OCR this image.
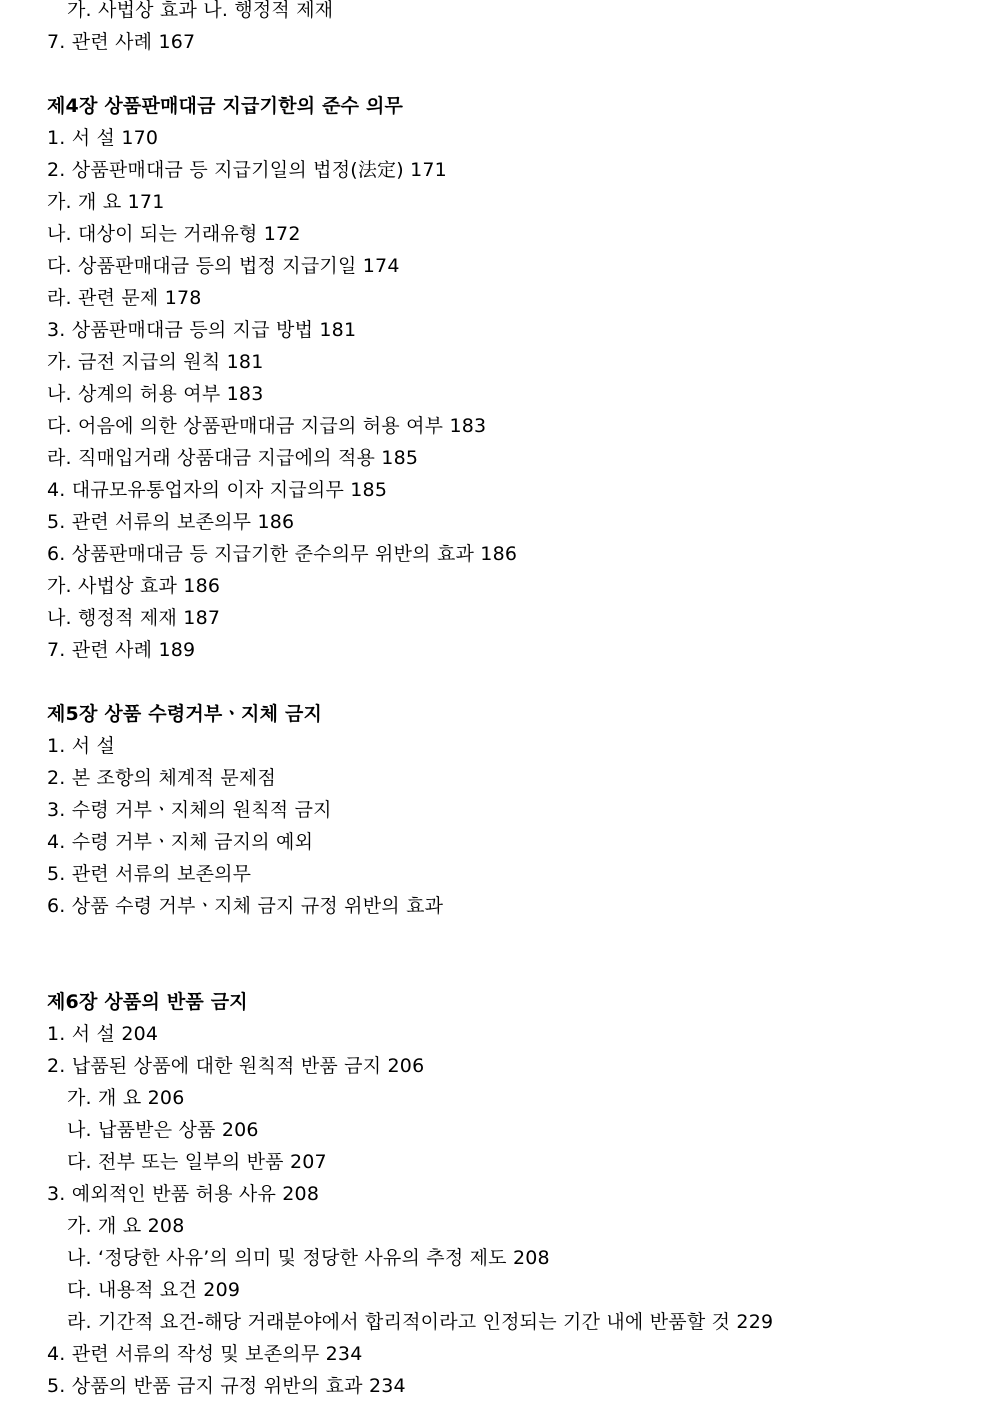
가. 사법상 효과 나. 행정적 제재
7. 관련 사례 167
제4장 상품판매대금 지급기한의 준수 의무
1. 서 설 170
2. 상품판매대금 등 지급기일의 법정(法定) 171
가. 개 요 171
나. 대상이 되는 거래유형 172
다. 상품판매대금 등의 법정 지급기일 174
라. 관련 문제 178
3. 상품판매대금 등의 지급 방법 181
가. 금전 지급의 원칙 181
나. 상계의 허용 여부 183
다. 어음에 의한 상품판매대금 지급의 허용 여부 183
라. 직매입거래 상품대금 지급에의 적용 185
4. 대규모유통업자의 이자 지급의무 185
5. 관련 서류의 보존의무 186
6. 상품판매대금 등 지급기한 준수의무 위반의 효과 186
가. 사법상 효과 186
나. 행정적 제재 187
7. 관련 사례 189
제5장 상품 수령거부ㆍ지체 금지
1. 서 설
2. 본 조항의 체계적 문제점
3. 수령 거부ㆍ지체의 원칙적 금지
4. 수령 거부ㆍ지체 금지의 예외
5. 관련 서류의 보존의무
6. 상품 수령 거부ㆍ지체 금지 규정 위반의 효과
제6장 상품의 반품 금지
1. 서 설 204
2. 납품된 상품에 대한 원칙적 반품 금지 206
가. 개 요 206
나. 납품받은 상품 206
다. 전부 또는 일부의 반품 207
3. 예외적인 반품 허용 사유 208
가. 개 요 208
나. ‘정당한 사유’의 의미 및 정당한 사유의 추정 제도 208
다. 내용적 요건 209
라. 기간적 요건-해당 거래분야에서 합리적이라고 인정되는 기간 내에 반품할 것 229
4. 관련 서류의 작성 및 보존의무 234
5. 상품의 반품 금지 규정 위반의 효과 234
